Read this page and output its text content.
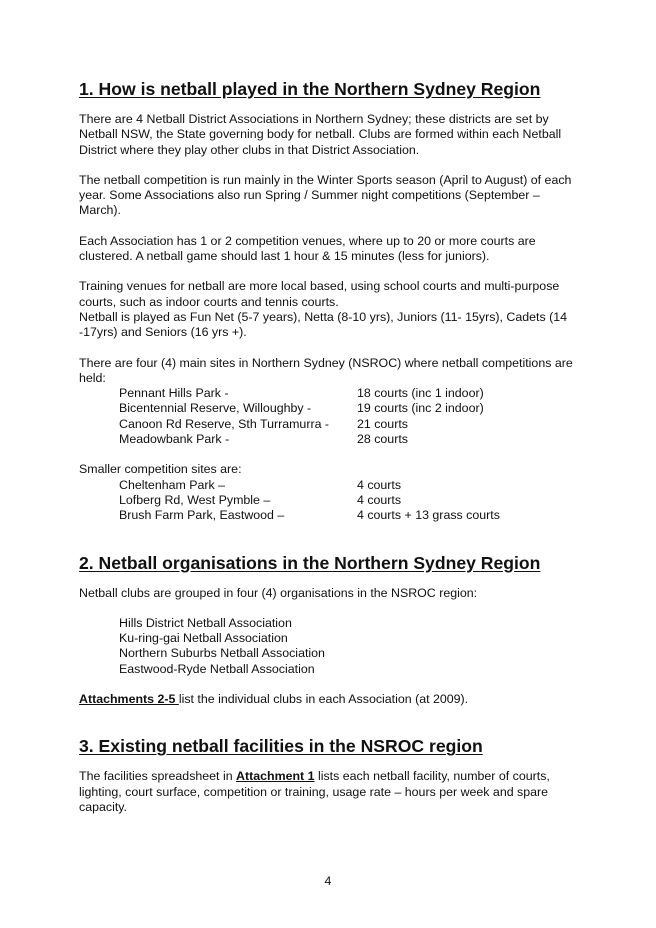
1. How is netball played in the Northern Sydney Region

There are 4 Netball District Associations in Northern Sydney; these districts are set by Netball NSW, the State governing body for netball. Clubs are formed within each Netball District where they play other clubs in that District Association.

The netball competition is run mainly in the Winter Sports season (April to August) of each year. Some Associations also run Spring / Summer night competitions (September – March).

Each Association has 1 or 2 competition venues, where up to 20 or more courts are clustered. A netball game should last 1 hour & 15 minutes (less for juniors).

Training venues for netball are more local based, using school courts and multi-purpose courts, such as indoor courts and tennis courts.

Netball is played as Fun Net (5-7 years), Netta (8-10 yrs), Juniors (11- 15yrs), Cadets (14 -17yrs) and Seniors (16 yrs +).

There are four (4) main sites in Northern Sydney (NSROC) where netball competitions are held:

Pennant Hills Park -	18 courts (inc 1 indoor)
Bicentennial Reserve, Willoughby -	19 courts (inc 2 indoor)
Canoon Rd Reserve, Sth Turramurra -	21 courts
Meadowbank Park -	28 courts

Smaller competition sites are:

Cheltenham Park –	4 courts
Lofberg Rd, West Pymble –	4 courts
Brush Farm Park, Eastwood –	4 courts + 13 grass courts
2. Netball organisations in the Northern Sydney Region

Netball clubs are grouped in four (4) organisations in the NSROC region:

Hills District Netball Association

Ku-ring-gai Netball Association

Northern Suburbs Netball Association

Eastwood-Ryde Netball Association

Attachments 2-5 list the individual clubs in each Association (at 2009).

3. Existing netball facilities in the NSROC region

The facilities spreadsheet in Attachment 1 lists each netball facility, number of courts, lighting, court surface, competition or training, usage rate – hours per week and spare capacity.

4
